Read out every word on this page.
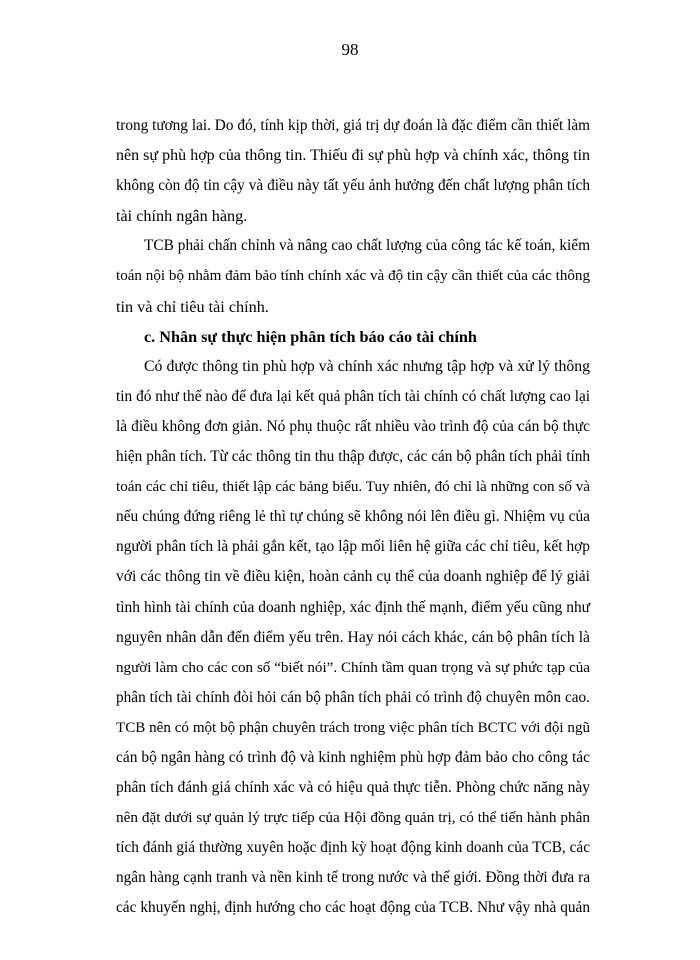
98
trong tương lai. Do đó, tính kịp thời, giá trị dự đoán là đặc điểm cần thiết làm
nên sự phù hợp của thông tin. Thiếu đi sự phù hợp và chính xác, thông tin
không còn độ tin cậy và điều này tất yếu ảnh hưởng đến chất lượng phân tích
tài chính ngân hàng.
TCB phải chấn chỉnh và nâng cao chất lượng của công tác kế toán, kiểm
toán nội bộ nhằm đảm bảo tính chính xác và độ tin cậy cần thiết của các thông
tin và chỉ tiêu tài chính.
c. Nhân sự thực hiện phân tích báo cáo tài chính
Có được thông tin phù hợp và chính xác nhưng tập hợp và xử lý thông
tin đó như thế nào để đưa lại kết quả phân tích tài chính có chất lượng cao lại
là điều không đơn giản. Nó phụ thuộc rất nhiều vào trình độ của cán bộ thực
hiện phân tích. Từ các thông tin thu thập được, các cán bộ phân tích phải tính
toán các chỉ tiêu, thiết lập các bảng biểu. Tuy nhiên, đó chỉ là những con số và
nếu chúng đứng riêng lẻ thì tự chúng sẽ không nói lên điều gì. Nhiệm vụ của
người phân tích là phải gắn kết, tạo lập mối liên hệ giữa các chỉ tiêu, kết hợp
với các thông tin về điều kiện, hoàn cảnh cụ thể của doanh nghiệp để lý giải
tình hình tài chính của doanh nghiệp, xác định thế mạnh, điểm yếu cũng như
nguyên nhân dẫn đến điểm yếu trên. Hay nói cách khác, cán bộ phân tích là
người làm cho các con số “biết nói”. Chính tầm quan trọng và sự phức tạp của
phân tích tài chính đòi hỏi cán bộ phân tích phải có trình độ chuyên môn cao.
TCB nên có một bộ phận chuyên trách trong việc phân tích BCTC với đội ngũ
cán bộ ngân hàng có trình độ và kinh nghiệm phù hợp đảm bảo cho công tác
phân tích đánh giá chính xác và có hiệu quả thực tiễn. Phòng chức năng này
nên đặt dưới sự quản lý trực tiếp của Hội đồng quản trị, có thể tiến hành phân
tích đánh giá thường xuyên hoặc định kỳ hoạt động kinh doanh của TCB, các
ngân hàng cạnh tranh và nền kinh tế trong nước và thế giới. Đồng thời đưa ra
các khuyến nghị, định hướng cho các hoạt động của TCB. Như vậy nhà quản
